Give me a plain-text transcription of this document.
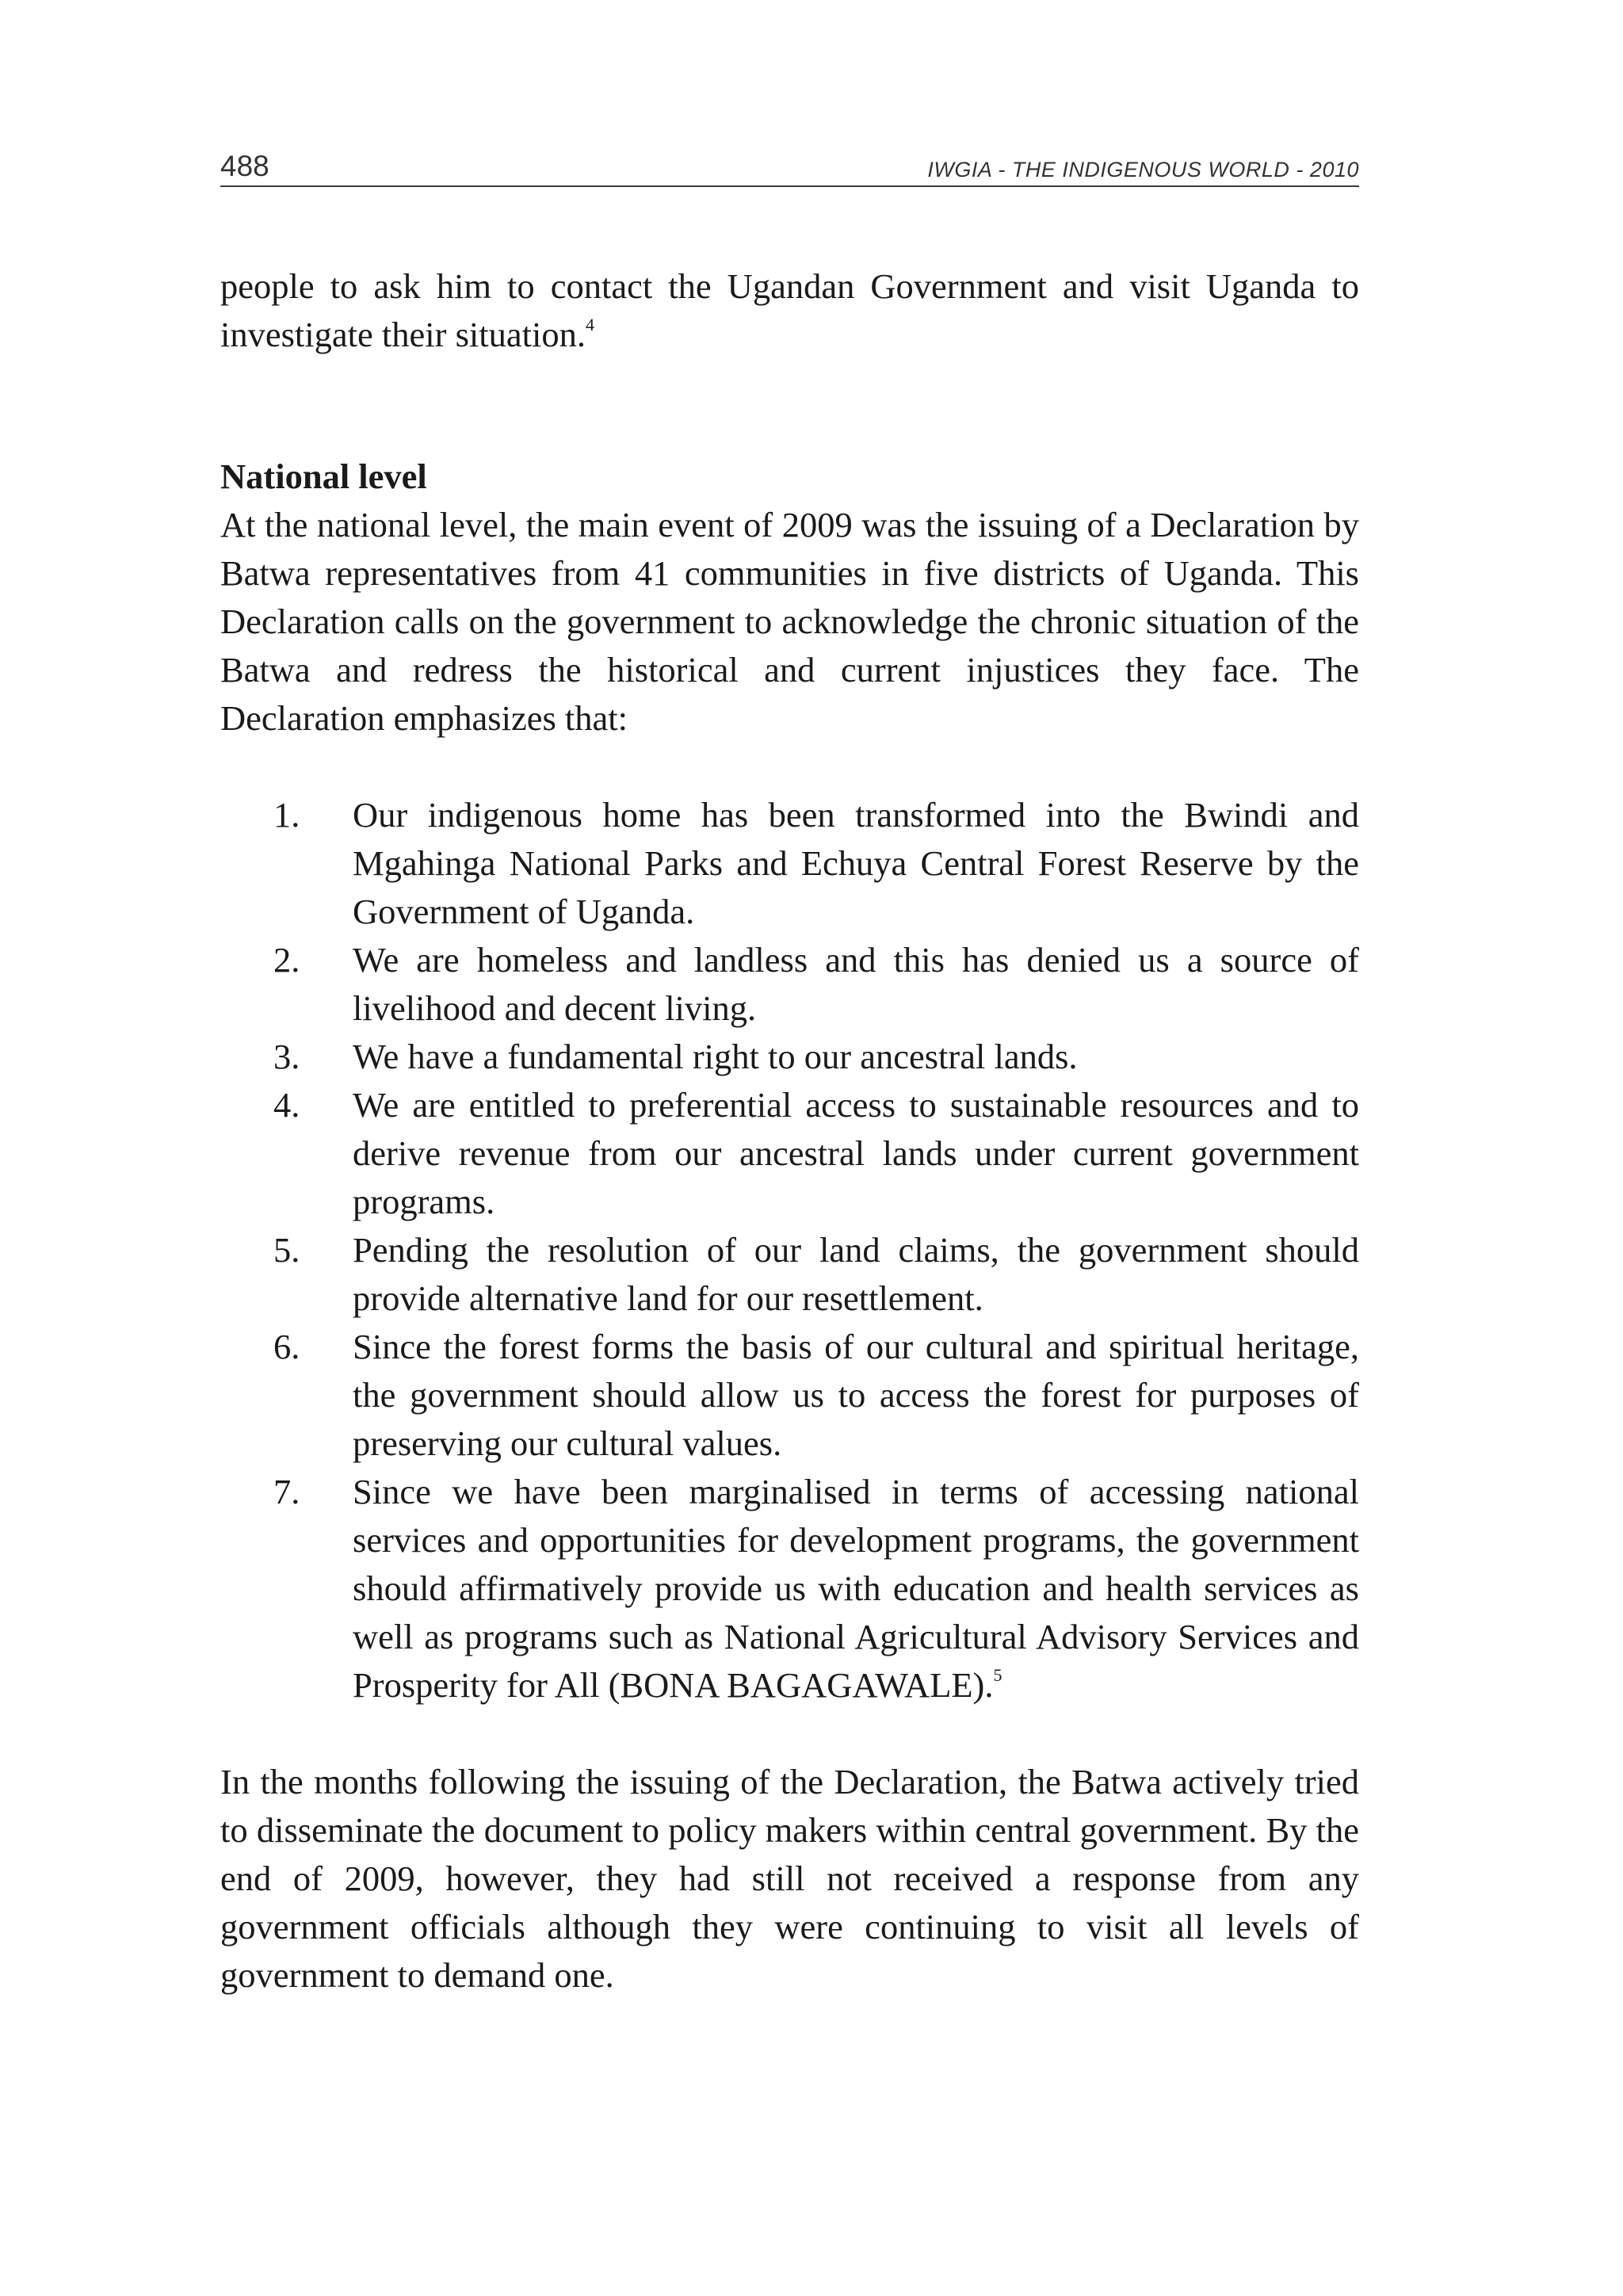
488	IWGIA - THE INDIGENOUS WORLD - 2010

people to ask him to contact the Ugandan Government and visit Uganda to investigate their situation.$^4$

National level

At the national level, the main event of 2009 was the issuing of a Declaration by Batwa representatives from 41 communities in five districts of Uganda. This Declaration calls on the government to acknowledge the chronic situation of the Batwa and redress the historical and current injustices they face. The Declaration emphasizes that:

1. Our indigenous home has been transformed into the Bwindi and Mgahinga National Parks and Echuya Central Forest Reserve by the Government of Uganda.
2. We are homeless and landless and this has denied us a source of livelihood and decent living.
3. We have a fundamental right to our ancestral lands.
4. We are entitled to preferential access to sustainable resources and to derive revenue from our ancestral lands under current government programs.
5. Pending the resolution of our land claims, the government should provide alternative land for our resettlement.
6. Since the forest forms the basis of our cultural and spiritual heritage, the government should allow us to access the forest for purposes of preserving our cultural values.
7. Since we have been marginalised in terms of accessing national services and opportunities for development programs, the government should affirmatively provide us with education and health services as well as programs such as National Agricultural Advisory Services and Prosperity for All (BONA BAGAGAWALE).$^5$

In the months following the issuing of the Declaration, the Batwa actively tried to disseminate the document to policy makers within central government. By the end of 2009, however, they had still not received a response from any government officials although they were continuing to visit all levels of government to demand one.
